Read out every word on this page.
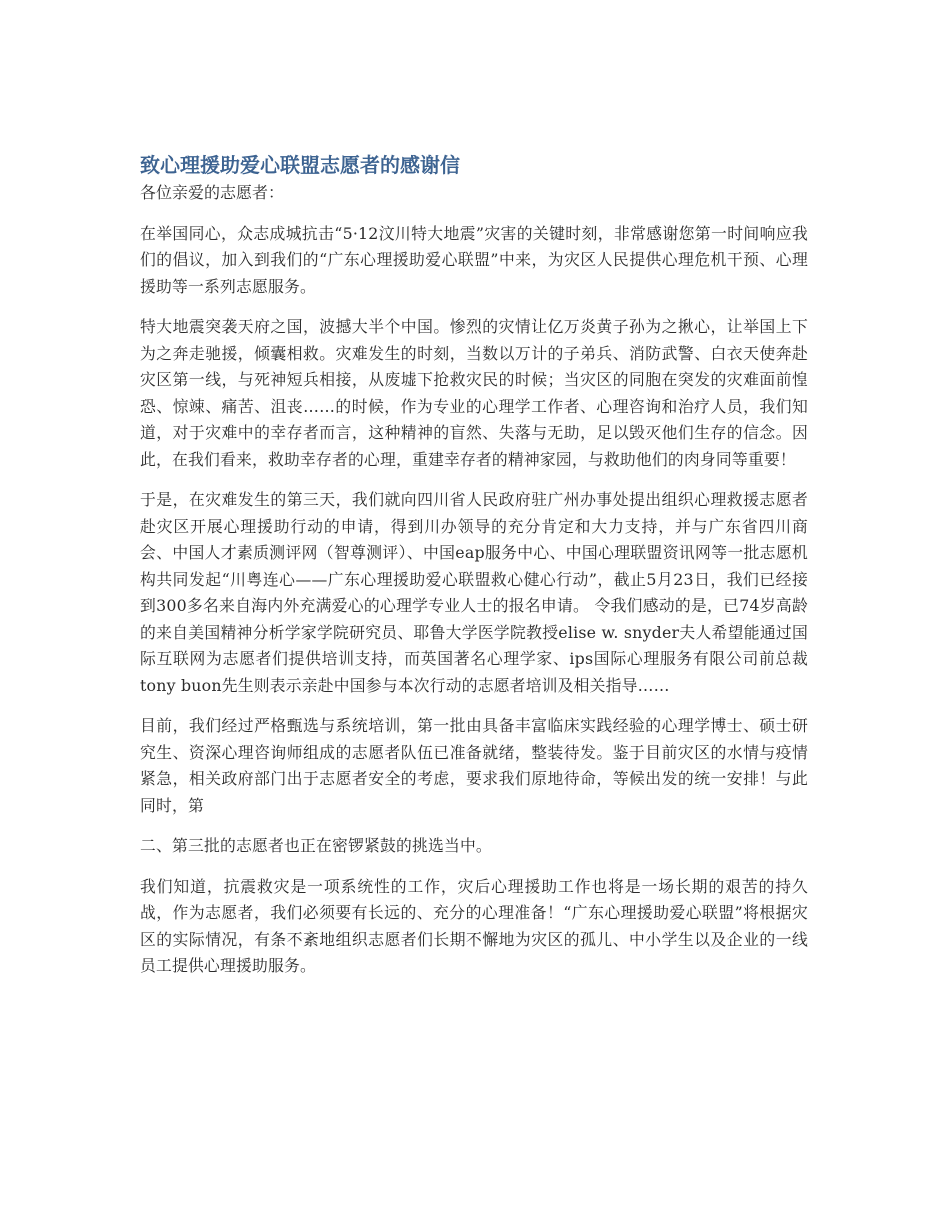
致心理援助爱心联盟志愿者的感谢信

各位亲爱的志愿者：

在举国同心，众志成城抗击“5·12汶川特大地震”灾害的关键时刻，非常感谢您第一时间响应我们的倡议，加入到我们的“广东心理援助爱心联盟”中来，为灾区人民提供心理危机干预、心理援助等一系列志愿服务。

特大地震突袭天府之国，波撼大半个中国。惨烈的灾情让亿万炎黄子孙为之揪心，让举国上下为之奔走驰援，倾囊相救。灾难发生的时刻，当数以万计的子弟兵、消防武警、白衣天使奔赴灾区第一线，与死神短兵相接，从废墟下抢救灾民的时候；当灾区的同胞在突发的灾难面前惶恐、惊竦、痛苦、沮丧……的时候，作为专业的心理学工作者、心理咨询和治疗人员，我们知道，对于灾难中的幸存者而言，这种精神的盲然、失落与无助，足以毁灭他们生存的信念。因此，在我们看来，救助幸存者的心理，重建幸存者的精神家园，与救助他们的肉身同等重要！

于是，在灾难发生的第三天，我们就向四川省人民政府驻广州办事处提出组织心理救援志愿者赴灾区开展心理援助行动的申请，得到川办领导的充分肯定和大力支持，并与广东省四川商会、中国人才素质测评网（智尊测评）、中国eap服务中心、中国心理联盟资讯网等一批志愿机构共同发起“川粤连心——广东心理援助爱心联盟救心健心行动”，截止5月23日，我们已经接到300多名来自海内外充满爱心的心理学专业人士的报名申请。 令我们感动的是，已74岁高龄的来自美国精神分析学家学院研究员、耶鲁大学医学院教授elise w. snyder夫人希望能通过国际互联网为志愿者们提供培训支持，而英国著名心理学家、ips国际心理服务有限公司前总裁tony buon先生则表示亲赴中国参与本次行动的志愿者培训及相关指导……

目前，我们经过严格甄选与系统培训，第一批由具备丰富临床实践经验的心理学博士、硕士研究生、资深心理咨询师组成的志愿者队伍已准备就绪，整装待发。鉴于目前灾区的水情与疫情紧急，相关政府部门出于志愿者安全的考虑，要求我们原地待命，等候出发的统一安排！与此同时，第

二、第三批的志愿者也正在密锣紧鼓的挑选当中。

我们知道，抗震救灾是一项系统性的工作，灾后心理援助工作也将是一场长期的艰苦的持久战，作为志愿者，我们必须要有长远的、充分的心理准备！“广东心理援助爱心联盟”将根据灾区的实际情况，有条不紊地组织志愿者们长期不懈地为灾区的孤儿、中小学生以及企业的一线员工提供心理援助服务。
